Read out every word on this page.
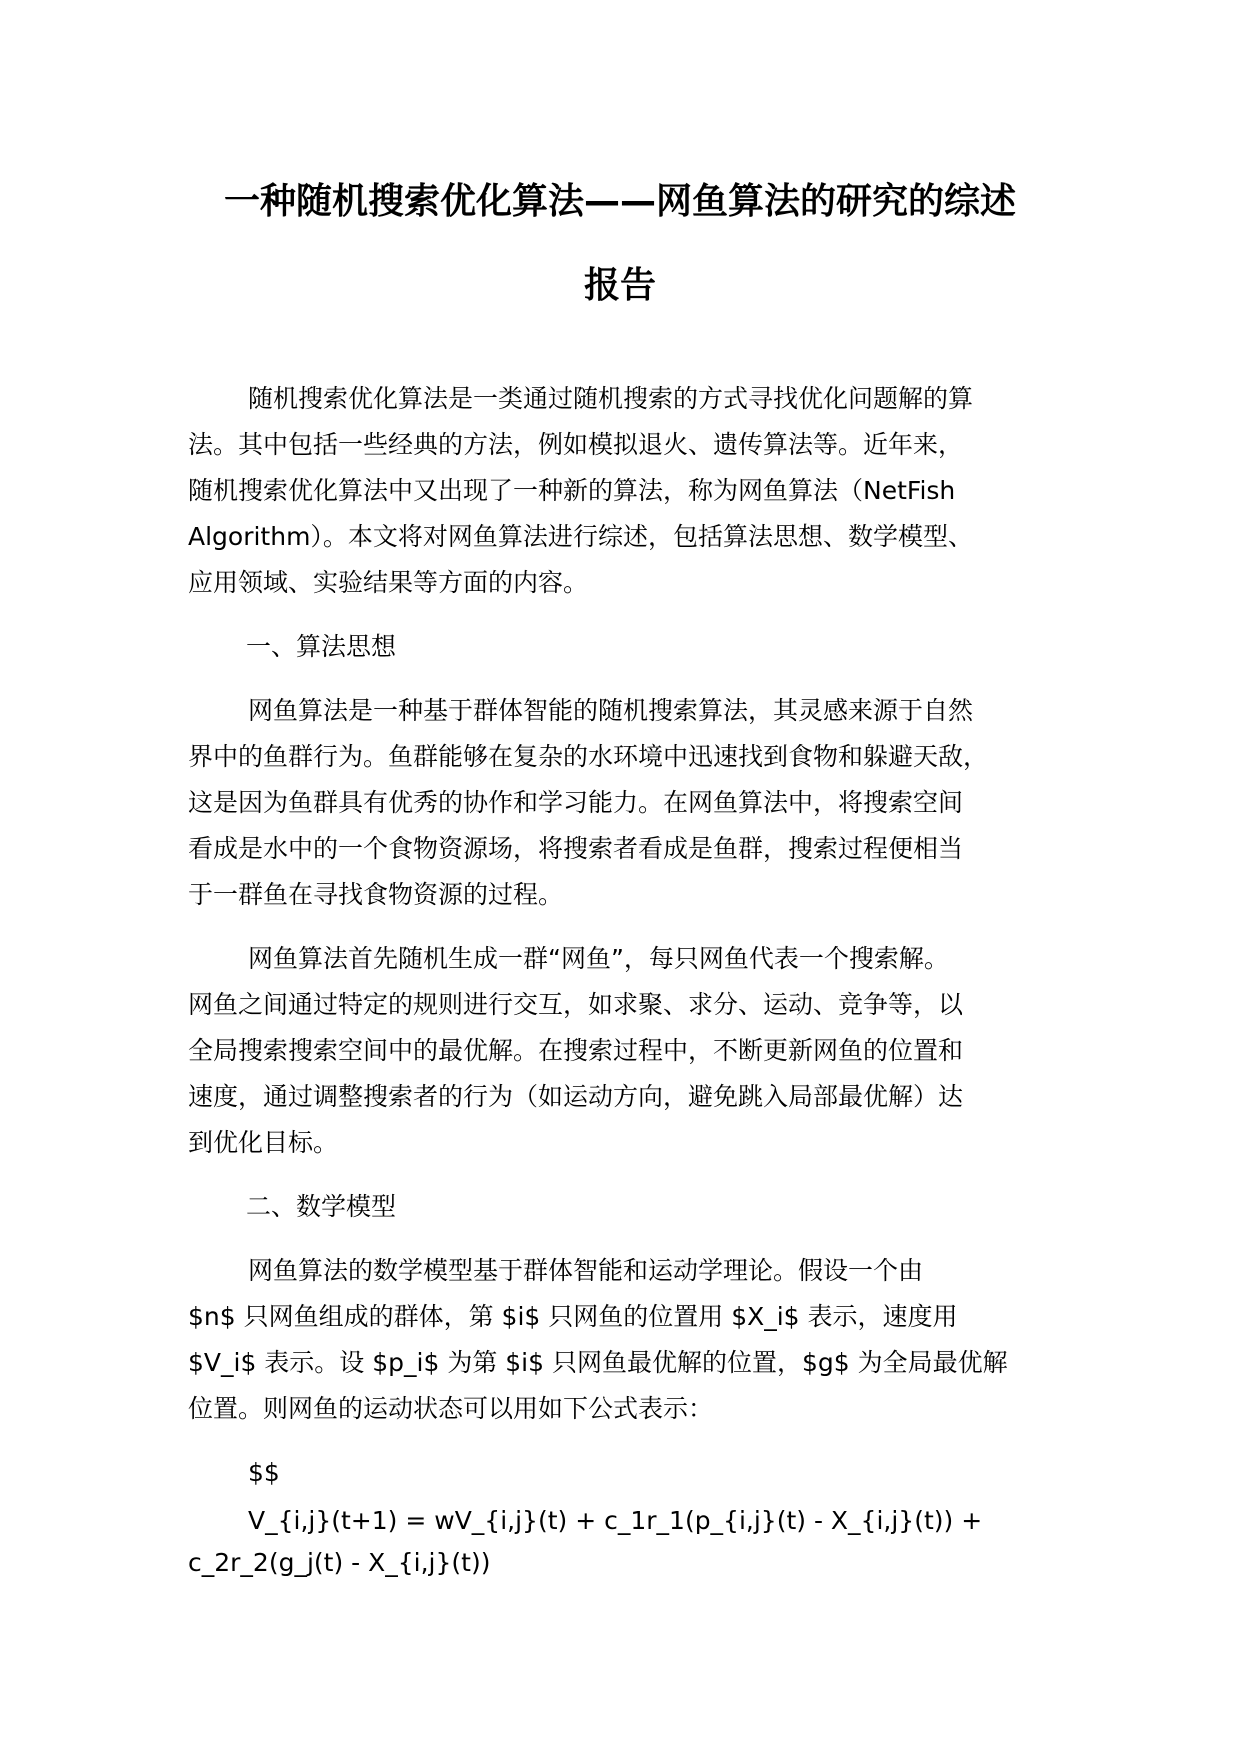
一种随机搜索优化算法——网鱼算法的研究的综述
报告

随机搜索优化算法是一类通过随机搜索的方式寻找优化问题解的算
法。其中包括一些经典的方法，例如模拟退火、遗传算法等。近年来，
随机搜索优化算法中又出现了一种新的算法，称为网鱼算法（NetFish
Algorithm）。本文将对网鱼算法进行综述，包括算法思想、数学模型、
应用领域、实验结果等方面的内容。

一、算法思想

网鱼算法是一种基于群体智能的随机搜索算法，其灵感来源于自然
界中的鱼群行为。鱼群能够在复杂的水环境中迅速找到食物和躲避天敌，
这是因为鱼群具有优秀的协作和学习能力。在网鱼算法中，将搜索空间
看成是水中的一个食物资源场，将搜索者看成是鱼群，搜索过程便相当
于一群鱼在寻找食物资源的过程。

网鱼算法首先随机生成一群“网鱼”，每只网鱼代表一个搜索解。
网鱼之间通过特定的规则进行交互，如求聚、求分、运动、竞争等，以
全局搜索搜索空间中的最优解。在搜索过程中，不断更新网鱼的位置和
速度，通过调整搜索者的行为（如运动方向，避免跳入局部最优解）达
到优化目标。

二、数学模型

网鱼算法的数学模型基于群体智能和运动学理论。假设一个由
$n$ 只网鱼组成的群体，第 $i$ 只网鱼的位置用 $X_i$ 表示，速度用
$V_i$ 表示。设 $p_i$ 为第 $i$ 只网鱼最优解的位置，$g$ 为全局最优解
位置。则网鱼的运动状态可以用如下公式表示：

$$

V_{i,j}(t+1) = wV_{i,j}(t) + c_1r_1(p_{i,j}(t) - X_{i,j}(t)) +
c_2r_2(g_j(t) - X_{i,j}(t))
